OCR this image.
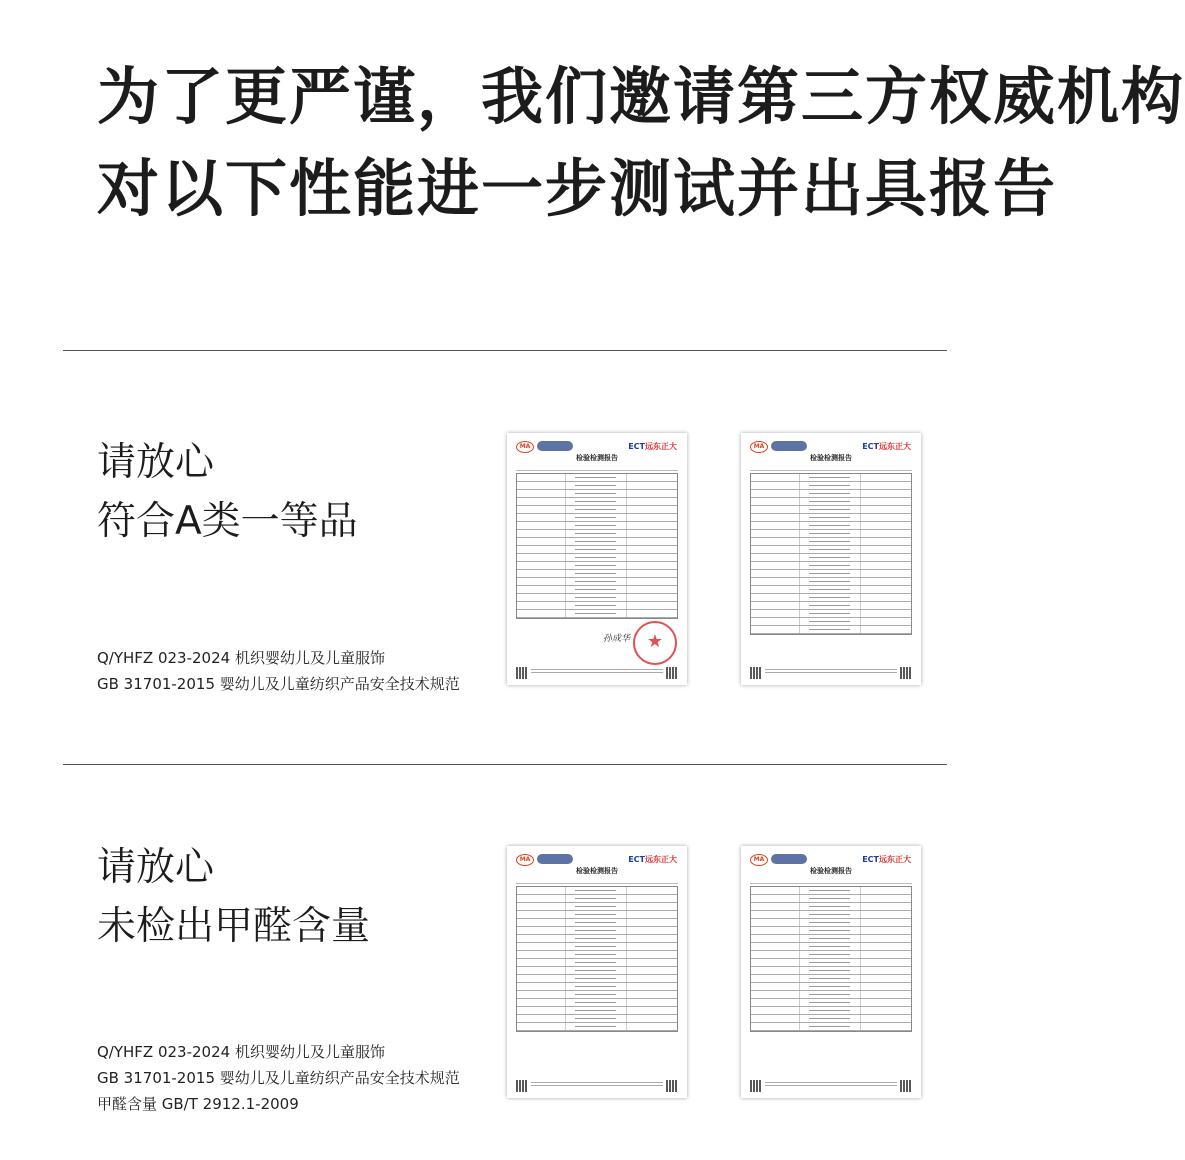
为了更严谨，我们邀请第三方权威机构
对以下性能进一步测试并出具报告
请放心
符合A类一等品
Q/YHFZ 023-2024 机织婴幼儿及儿童服饰
GB 31701-2015 婴幼儿及儿童纺织产品安全技术规范
MA	ECT远东正大
检验检测报告
孙成华 ★
MA	ECT远东正大
检验检测报告
请放心
未检出甲醛含量
Q/YHFZ 023-2024 机织婴幼儿及儿童服饰
GB 31701-2015 婴幼儿及儿童纺织产品安全技术规范
甲醛含量 GB/T 2912.1-2009
MA	ECT远东正大
检验检测报告
MA	ECT远东正大
检验检测报告
